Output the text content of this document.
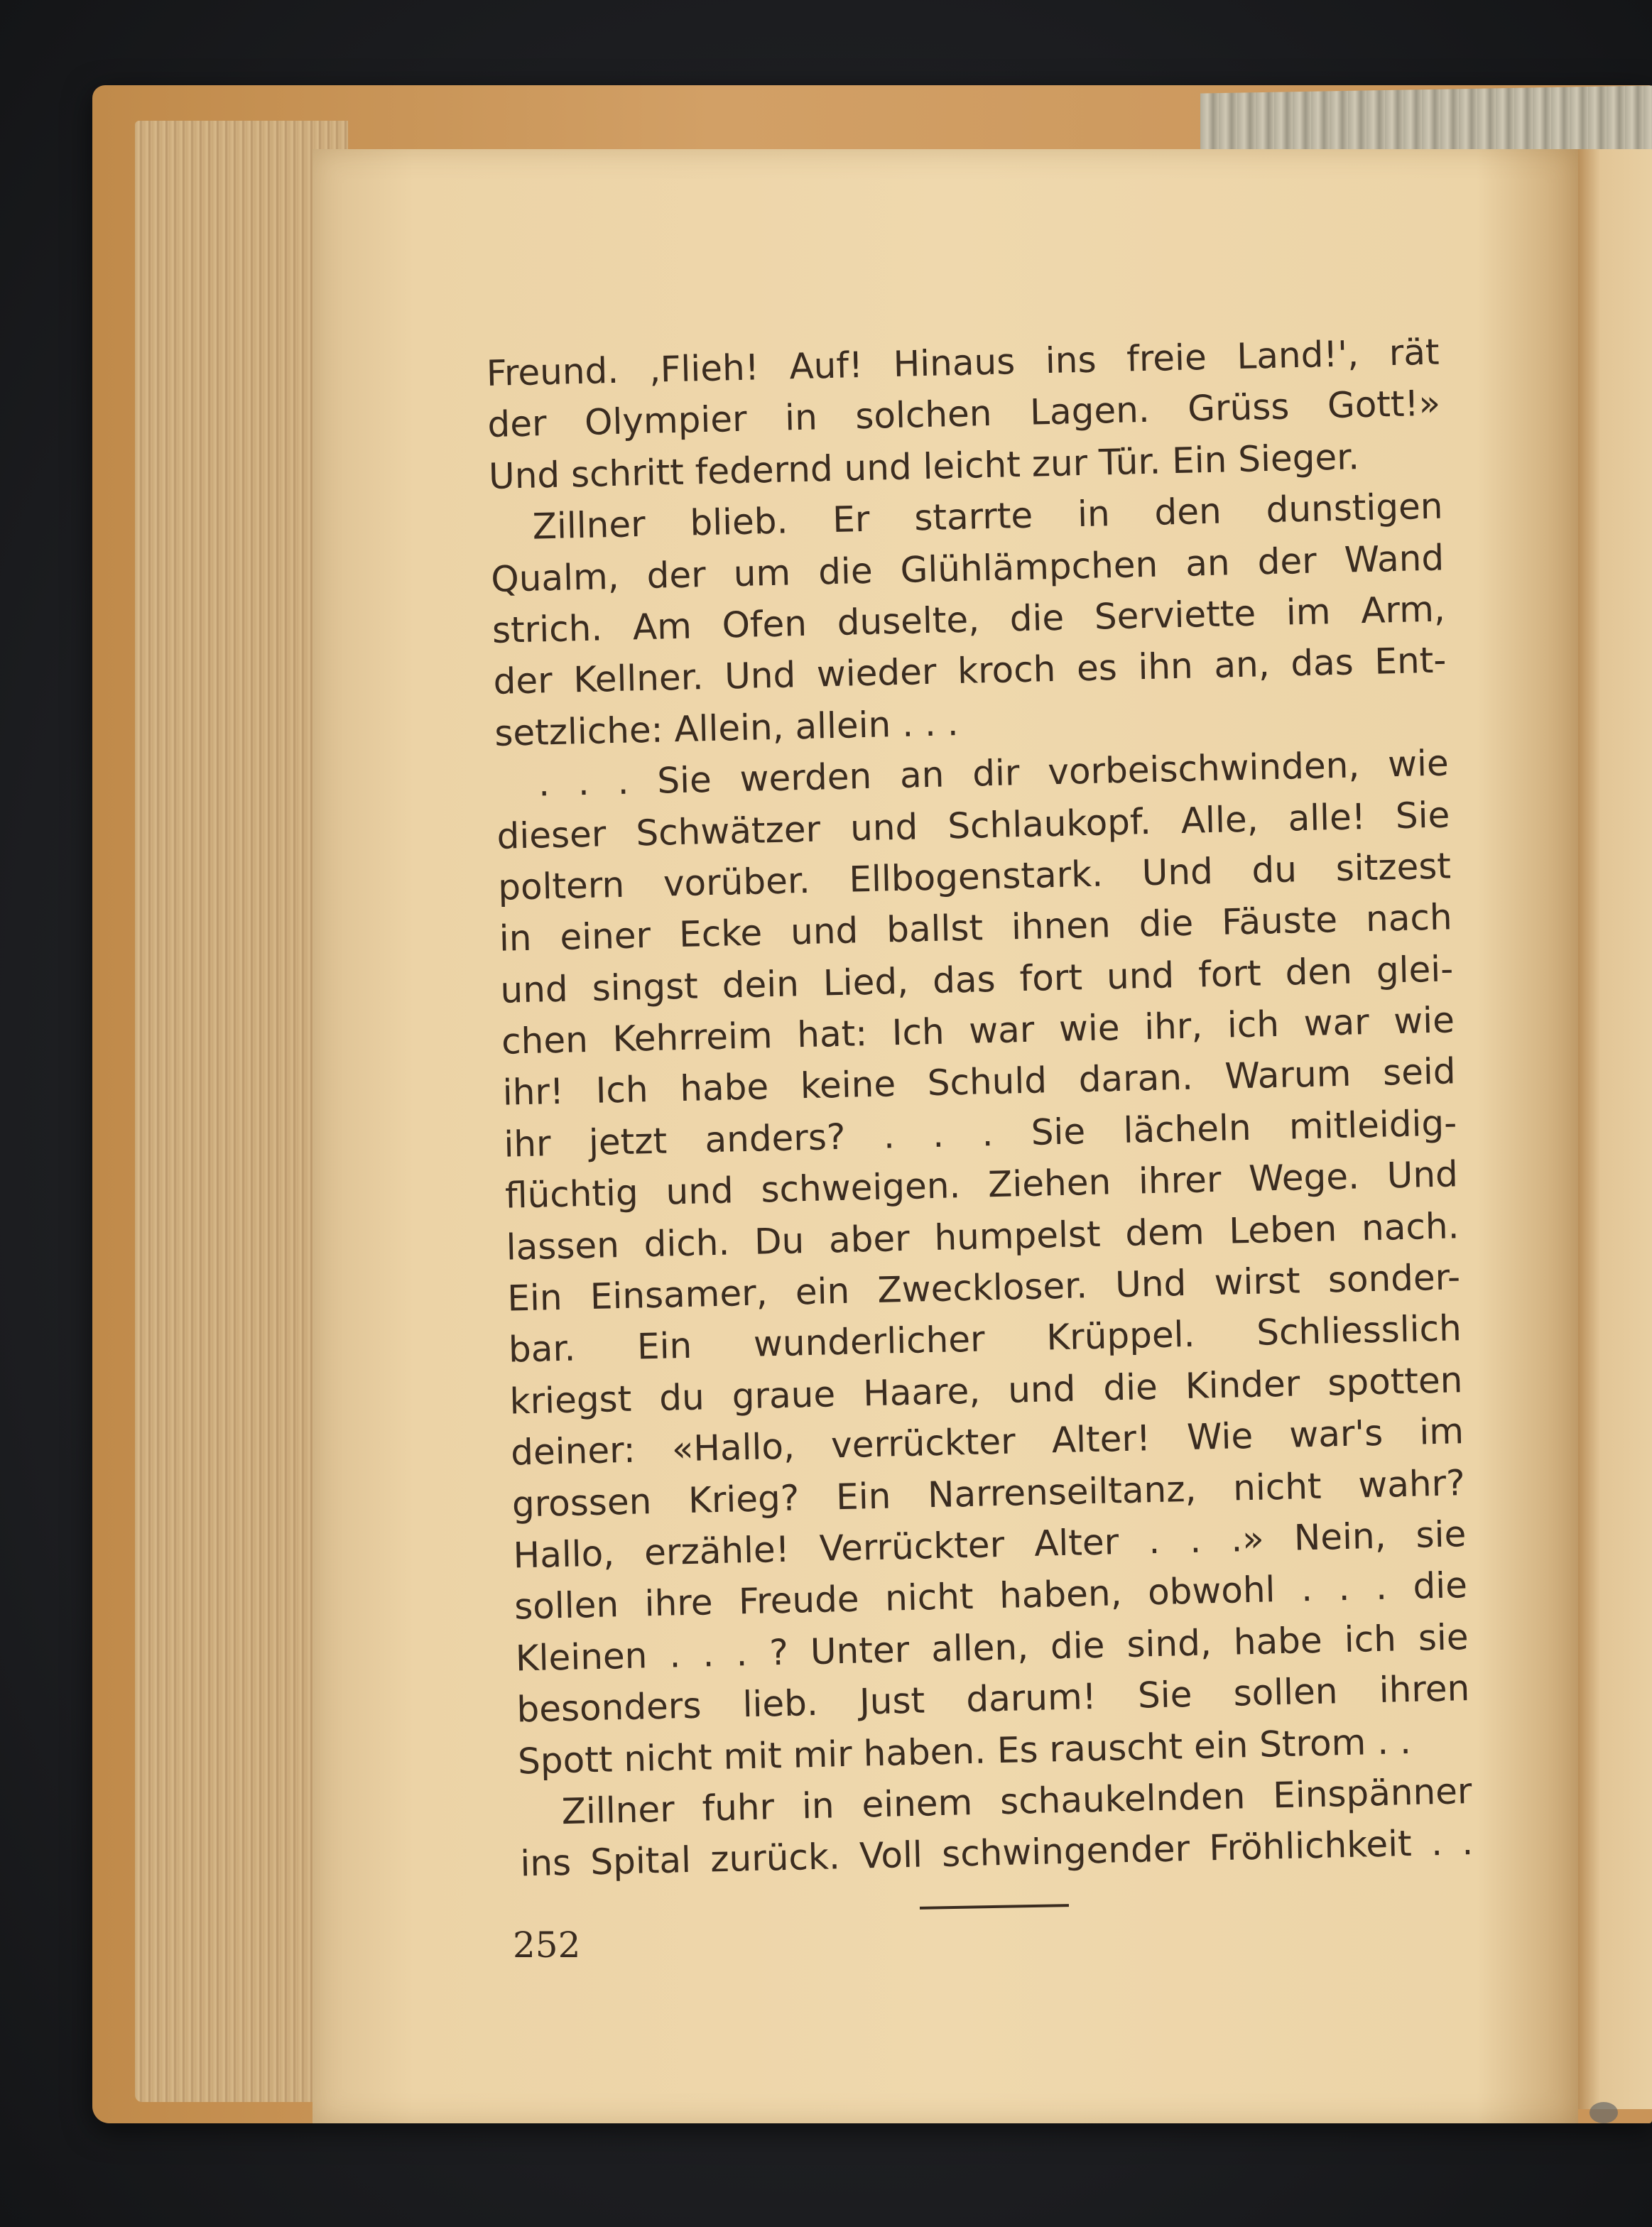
Freund. ‚Flieh! Auf! Hinaus ins freie Land!', rät
der Olympier in solchen Lagen. Grüss Gott!»
Und schritt federnd und leicht zur Tür. Ein Sieger.
Zillner blieb. Er starrte in den dunstigen
Qualm, der um die Glühlämpchen an der Wand
strich. Am Ofen duselte, die Serviette im Arm,
der Kellner. Und wieder kroch es ihn an, das Ent-
setzliche: Allein, allein . . .
. . . Sie werden an dir vorbeischwinden, wie
dieser Schwätzer und Schlaukopf. Alle, alle! Sie
poltern vorüber. Ellbogenstark. Und du sitzest
in einer Ecke und ballst ihnen die Fäuste nach
und singst dein Lied, das fort und fort den glei-
chen Kehrreim hat: Ich war wie ihr, ich war wie
ihr! Ich habe keine Schuld daran. Warum seid
ihr jetzt anders? . . . Sie lächeln mitleidig-
flüchtig und schweigen. Ziehen ihrer Wege. Und
lassen dich. Du aber humpelst dem Leben nach.
Ein Einsamer, ein Zweckloser. Und wirst sonder-
bar. Ein wunderlicher Krüppel. Schliesslich
kriegst du graue Haare, und die Kinder spotten
deiner: «Hallo, verrückter Alter! Wie war's im
grossen Krieg? Ein Narrenseiltanz, nicht wahr?
Hallo, erzähle! Verrückter Alter . . .» Nein, sie
sollen ihre Freude nicht haben, obwohl . . . die
Kleinen . . . ? Unter allen, die sind, habe ich sie
besonders lieb. Just darum! Sie sollen ihren
Spott nicht mit mir haben. Es rauscht ein Strom . .
Zillner fuhr in einem schaukelnden Einspänner
ins Spital zurück. Voll schwingender Fröhlichkeit . .
252
